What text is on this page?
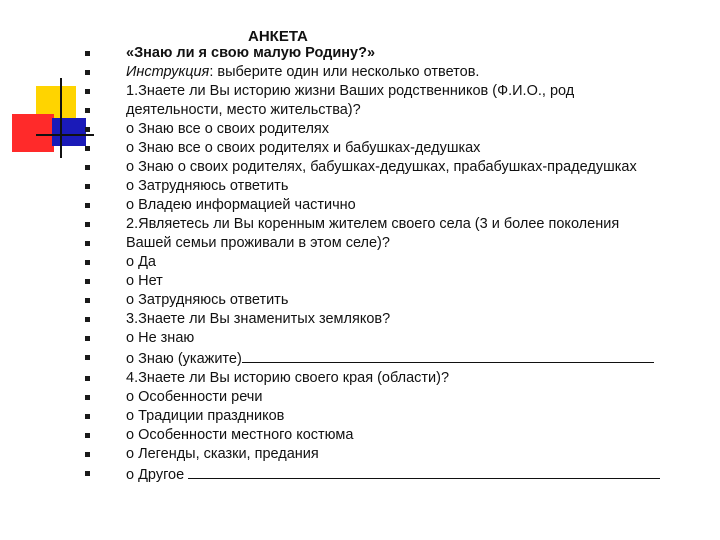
АНКЕТА
«Знаю ли я свою малую Родину?»
Инструкция: выберите один или несколько ответов.
1.Знаете ли Вы историю жизни Ваших родственников (Ф.И.О., род
деятельности, место жительства)?
о Знаю все о своих родителях
о Знаю все о своих родителях и бабушках-дедушках
о Знаю о своих родителях, бабушках-дедушках, прабабушках-прадедушках
о Затрудняюсь ответить
о Владею информацией частично
2.Являетесь ли Вы коренным жителем своего села (3 и более поколения
Вашей семьи проживали в этом селе)?
о Да
о Нет
о Затрудняюсь ответить
3.Знаете ли Вы знаменитых земляков?
о Не знаю
о Знаю (укажите)
4.Знаете ли Вы историю своего края (области)?
о Особенности речи
о Традиции праздников
о Особенности местного костюма
о Легенды, сказки, предания
о Другое
